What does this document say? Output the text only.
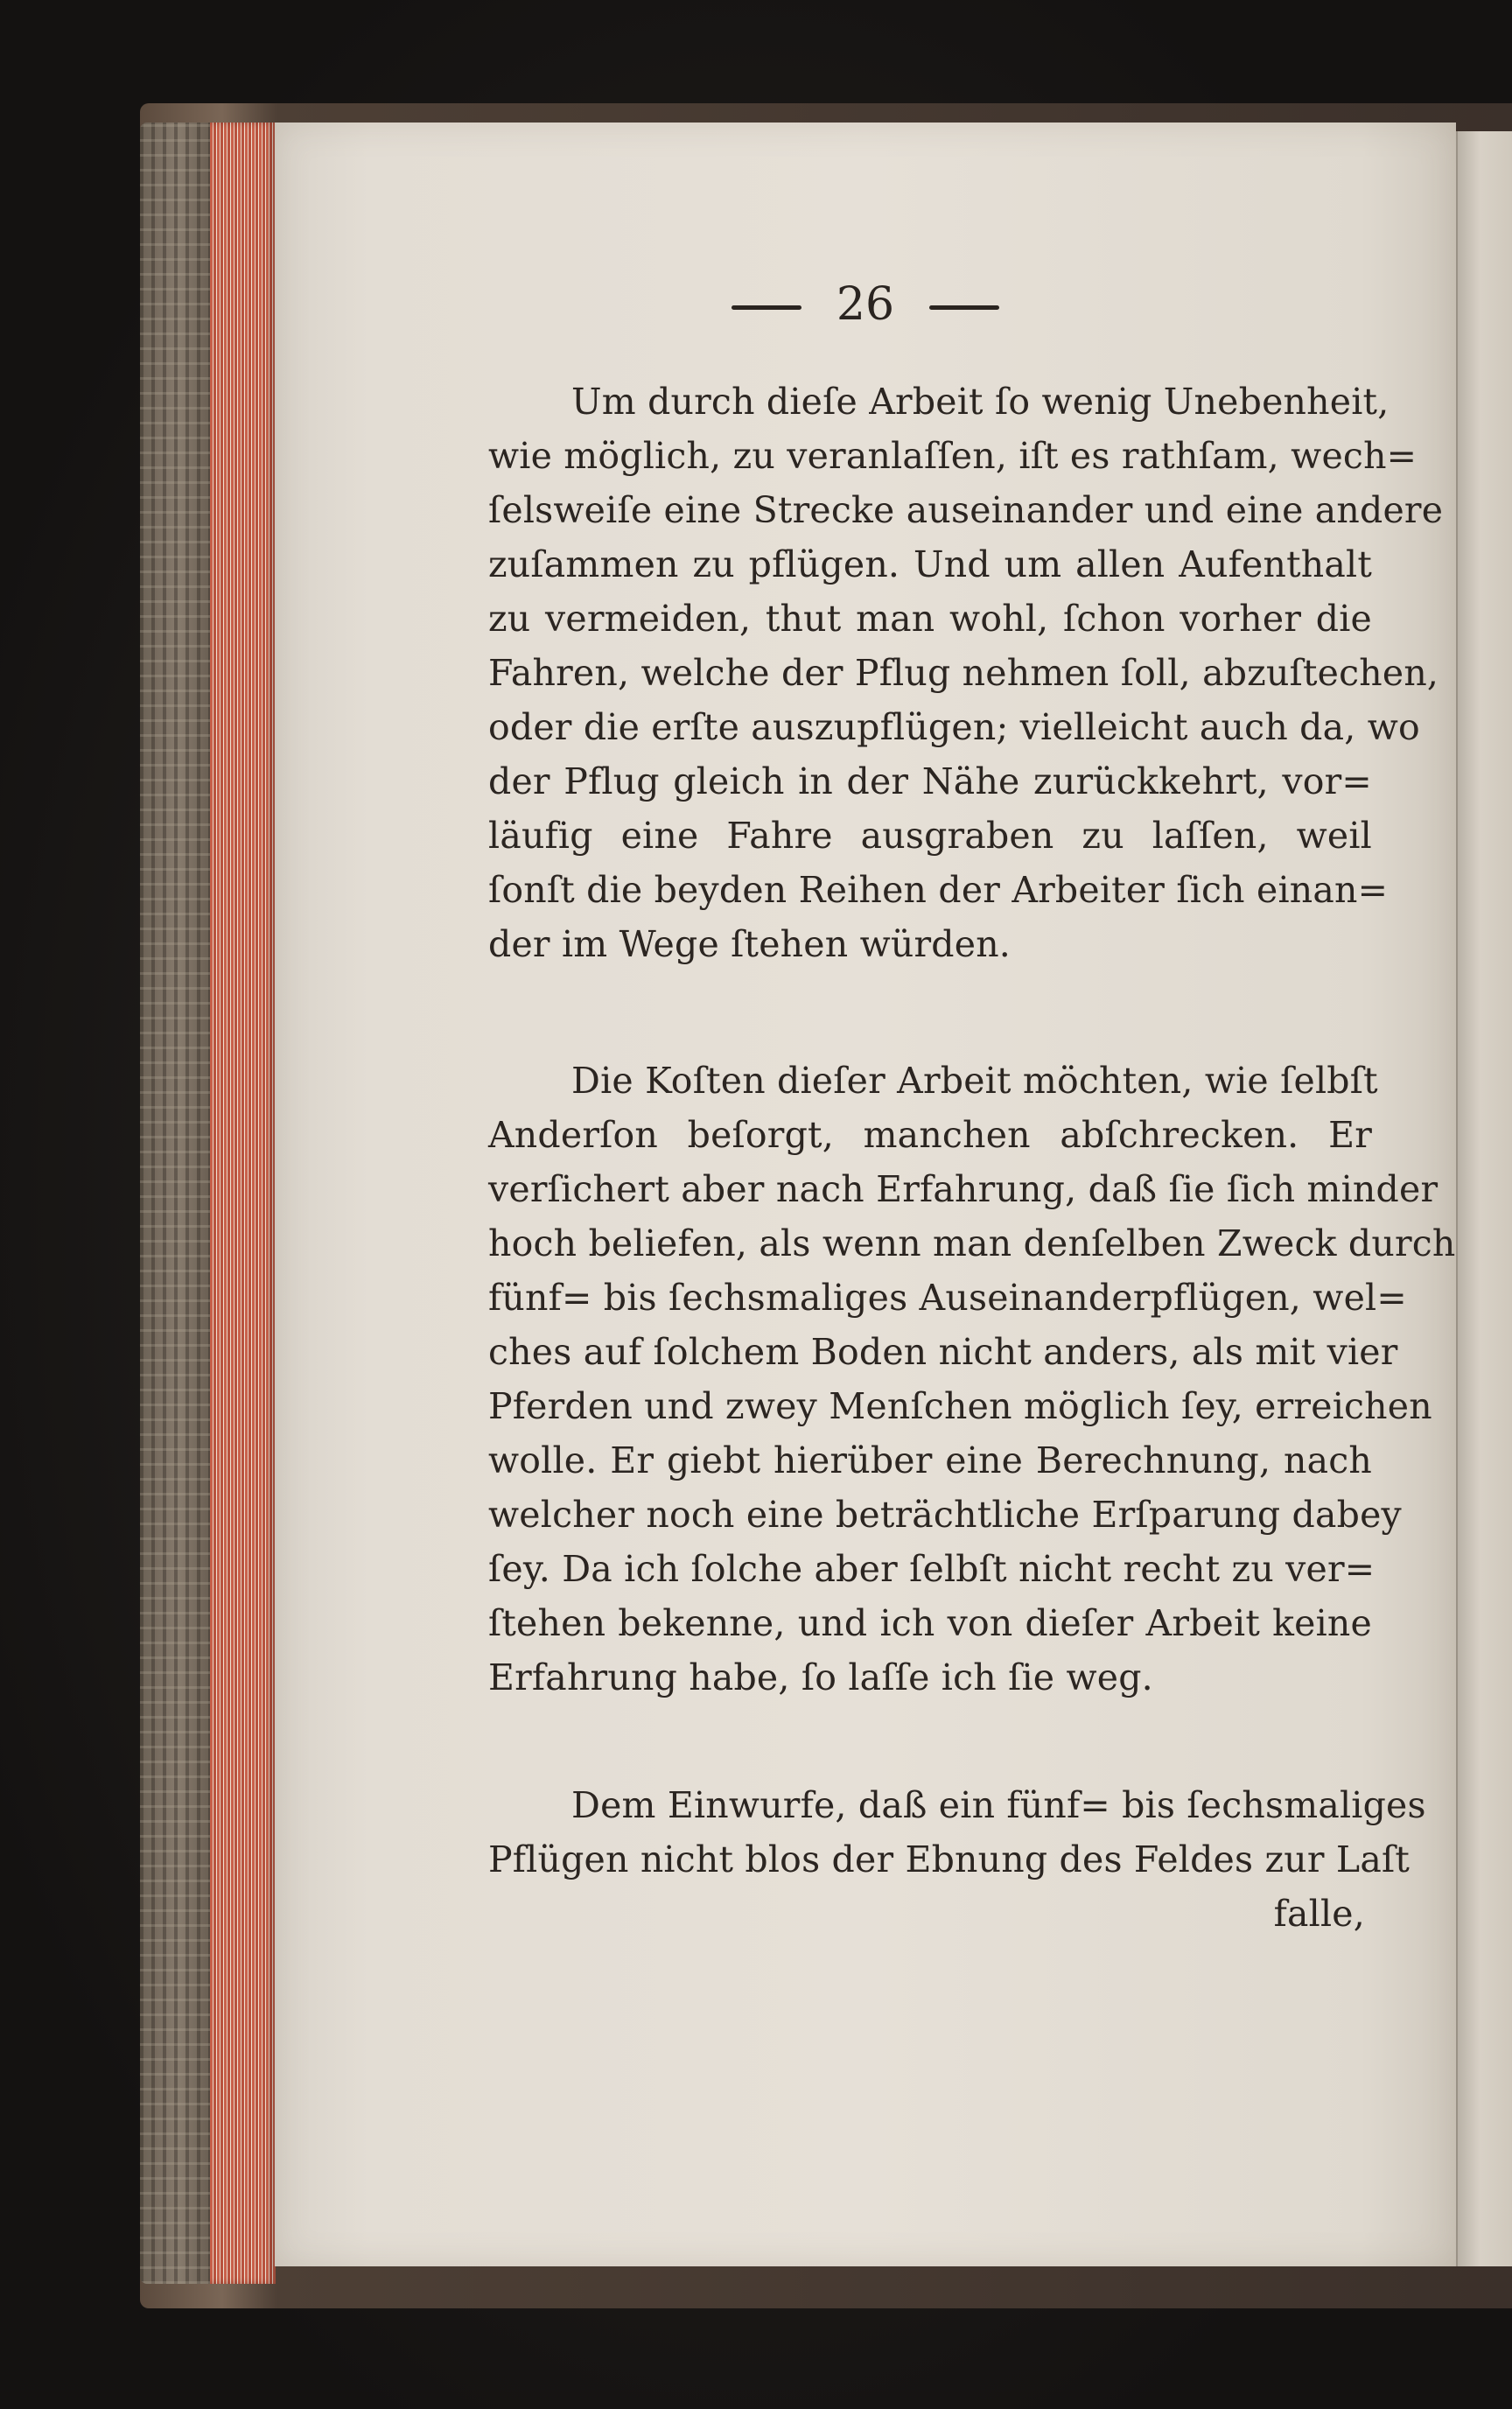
26

Um durch dieſe Arbeit ſo wenig Unebenheit,
wie möglich, zu veranlaſſen, iſt es rathſam, wech=
ſelsweiſe eine Strecke auseinander und eine andere
zuſammen zu pflügen. Und um allen Aufenthalt
zu vermeiden, thut man wohl, ſchon vorher die
Fahren, welche der Pflug nehmen ſoll, abzuſtechen,
oder die erſte auszupflügen; vielleicht auch da, wo
der Pflug gleich in der Nähe zurückkehrt, vor=
läufig eine Fahre ausgraben zu laſſen, weil
ſonſt die beyden Reihen der Arbeiter ſich einan=
der im Wege ſtehen würden.

Die Koſten dieſer Arbeit möchten, wie ſelbſt
Anderſon beſorgt, manchen abſchrecken. Er
verſichert aber nach Erfahrung, daß ſie ſich minder
hoch beliefen, als wenn man denſelben Zweck durch
fünf= bis ſechsmaliges Auseinanderpflügen, wel=
ches auf ſolchem Boden nicht anders, als mit vier
Pferden und zwey Menſchen möglich ſey, erreichen
wolle. Er giebt hierüber eine Berechnung, nach
welcher noch eine beträchtliche Erſparung dabey
ſey. Da ich ſolche aber ſelbſt nicht recht zu ver=
ſtehen bekenne, und ich von dieſer Arbeit keine
Erfahrung habe, ſo laſſe ich ſie weg.

Dem Einwurfe, daß ein fünf= bis ſechsmaliges
Pflügen nicht blos der Ebnung des Feldes zur Laſt
falle,
